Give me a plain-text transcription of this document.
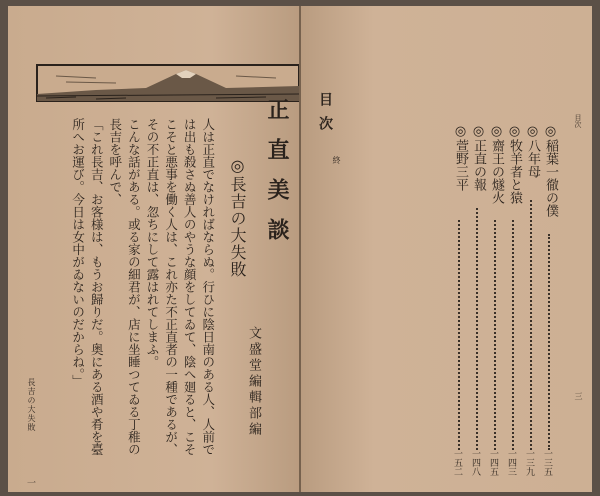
正直美談
◎長吉の大失敗
文盛堂編輯部編

人は正直でなければならぬ。行ひに陰日南のある人、人前では出も殺さぬ善人のやうな顔をしてゐて、陰へ廻ると、こそこそと悪事を働く人は、これ亦た不正直者の一種であるが、その不正直は、忽ちにして露はれてしまふ。

こんな話がある。或る家の細君が、店に坐睡つてゐる丁稚の長吉を呼んで、

「これ長吉、お客様は、もうお歸りだ。奥にある酒や肴を臺所へお運び。今日は女中がゐないのだからね。」

長吉の大失敗
一
目次
終	◎稲葉一徹の僕
一三五
◎八年母
一三九
◎牧羊者と猿
一四三
◎齋王の燧火
一四五
◎正直の報
一四八
◎萱野三平
一五二
目次
三
